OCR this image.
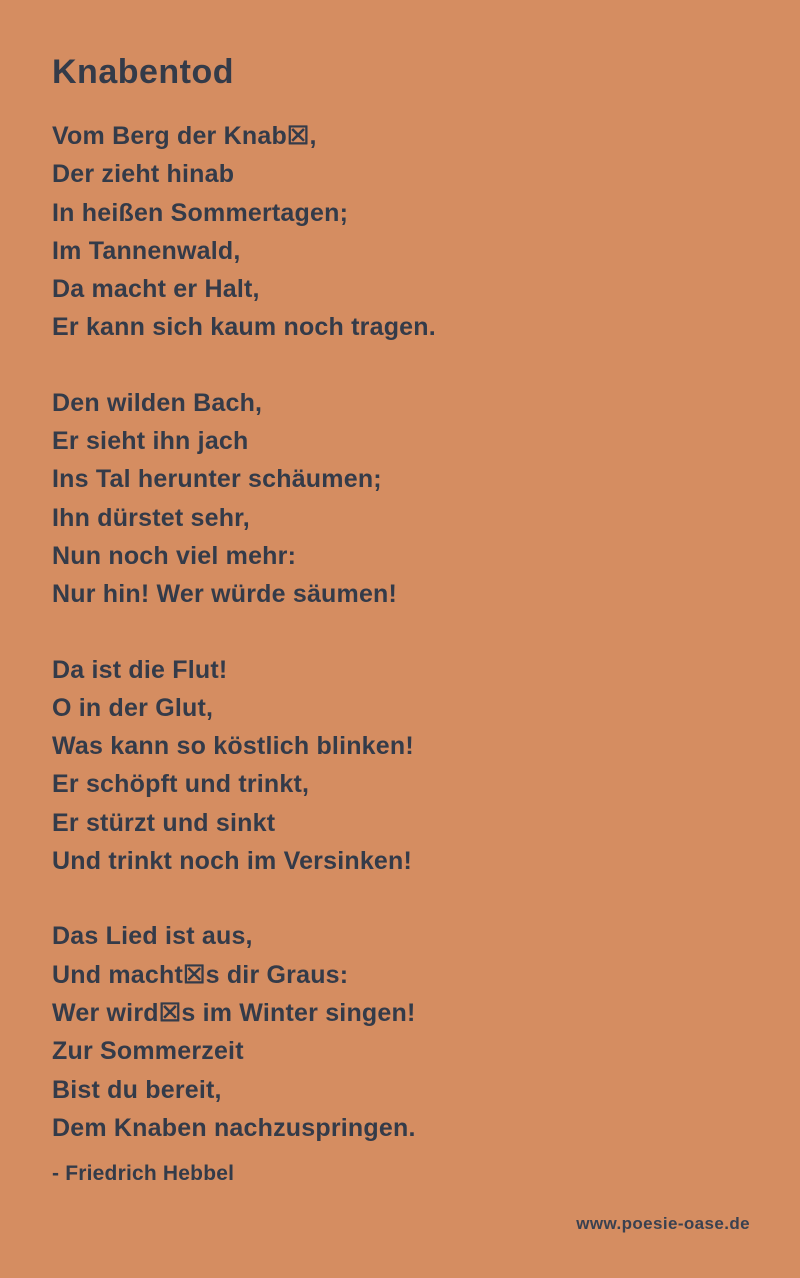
Knabentod
Vom Berg der Knab☒,
Der zieht hinab
In heißen Sommertagen;
Im Tannenwald,
Da macht er Halt,
Er kann sich kaum noch tragen.
Den wilden Bach,
Er sieht ihn jach
Ins Tal herunter schäumen;
Ihn dürstet sehr,
Nun noch viel mehr:
Nur hin! Wer würde säumen!
Da ist die Flut!
O in der Glut,
Was kann so köstlich blinken!
Er schöpft und trinkt,
Er stürzt und sinkt
Und trinkt noch im Versinken!
Das Lied ist aus,
Und macht☒s dir Graus:
Wer wird☒s im Winter singen!
Zur Sommerzeit
Bist du bereit,
Dem Knaben nachzuspringen.
- Friedrich Hebbel
www.poesie-oase.de
